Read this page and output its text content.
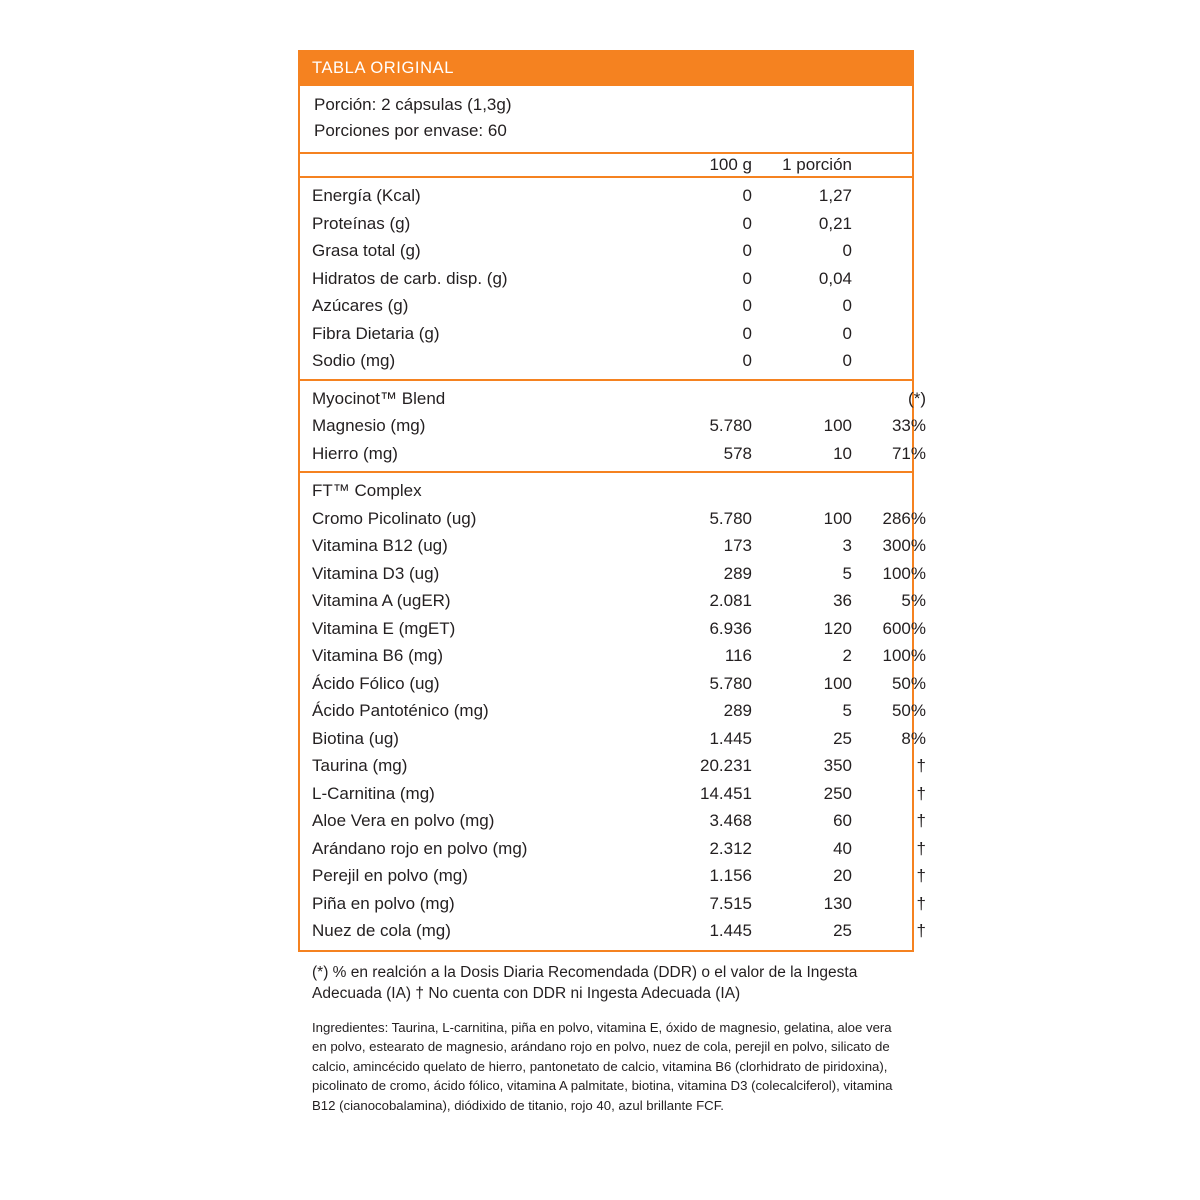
TABLA ORIGINAL
Porción: 2 cápsulas (1,3g)
Porciones por envase: 60
	100 g	1 porción	
Energía (Kcal)	0	1,27	
Proteínas (g)	0	0,21	
Grasa total (g)	0	0	
Hidratos de carb. disp. (g)	0	0,04	
Azúcares (g)	0	0	
Fibra Dietaria (g)	0	0	
Sodio (mg)	0	0	
Myocinot™ Blend			(*)
Magnesio (mg)	5.780	100	33%
Hierro (mg)	578	10	71%
FT™ Complex			
Cromo Picolinato (ug)	5.780	100	286%
Vitamina B12 (ug)	173	3	300%
Vitamina D3 (ug)	289	5	100%
Vitamina A (ugER)	2.081	36	5%
Vitamina E (mgET)	6.936	120	600%
Vitamina B6 (mg)	116	2	100%
Ácido Fólico (ug)	5.780	100	50%
Ácido Pantoténico (mg)	289	5	50%
Biotina (ug)	1.445	25	8%
Taurina (mg)	20.231	350	†
L-Carnitina (mg)	14.451	250	†
Aloe Vera en polvo (mg)	3.468	60	†
Arándano rojo en polvo (mg)	2.312	40	†
Perejil en polvo (mg)	1.156	20	†
Piña en polvo (mg)	7.515	130	†
Nuez de cola (mg)	1.445	25	†
(*) % en realción a la Dosis Diaria Recomendada (DDR) o el valor de la Ingesta Adecuada (IA) † No cuenta con DDR ni Ingesta Adecuada (IA)
Ingredientes: Taurina, L-carnitina, piña en polvo, vitamina E, óxido de magnesio, gelatina, aloe vera en polvo, estearato de magnesio, arándano rojo en polvo, nuez de cola, perejil en polvo, silicato de calcio, amincécido quelato de hierro, pantonetato de calcio, vitamina B6 (clorhidrato de piridoxina), picolinato de cromo, ácido fólico, vitamina A palmitate, biotina, vitamina D3 (colecalciferol), vitamina B12 (cianocobalamina), diódixido de titanio, rojo 40, azul brillante FCF.
